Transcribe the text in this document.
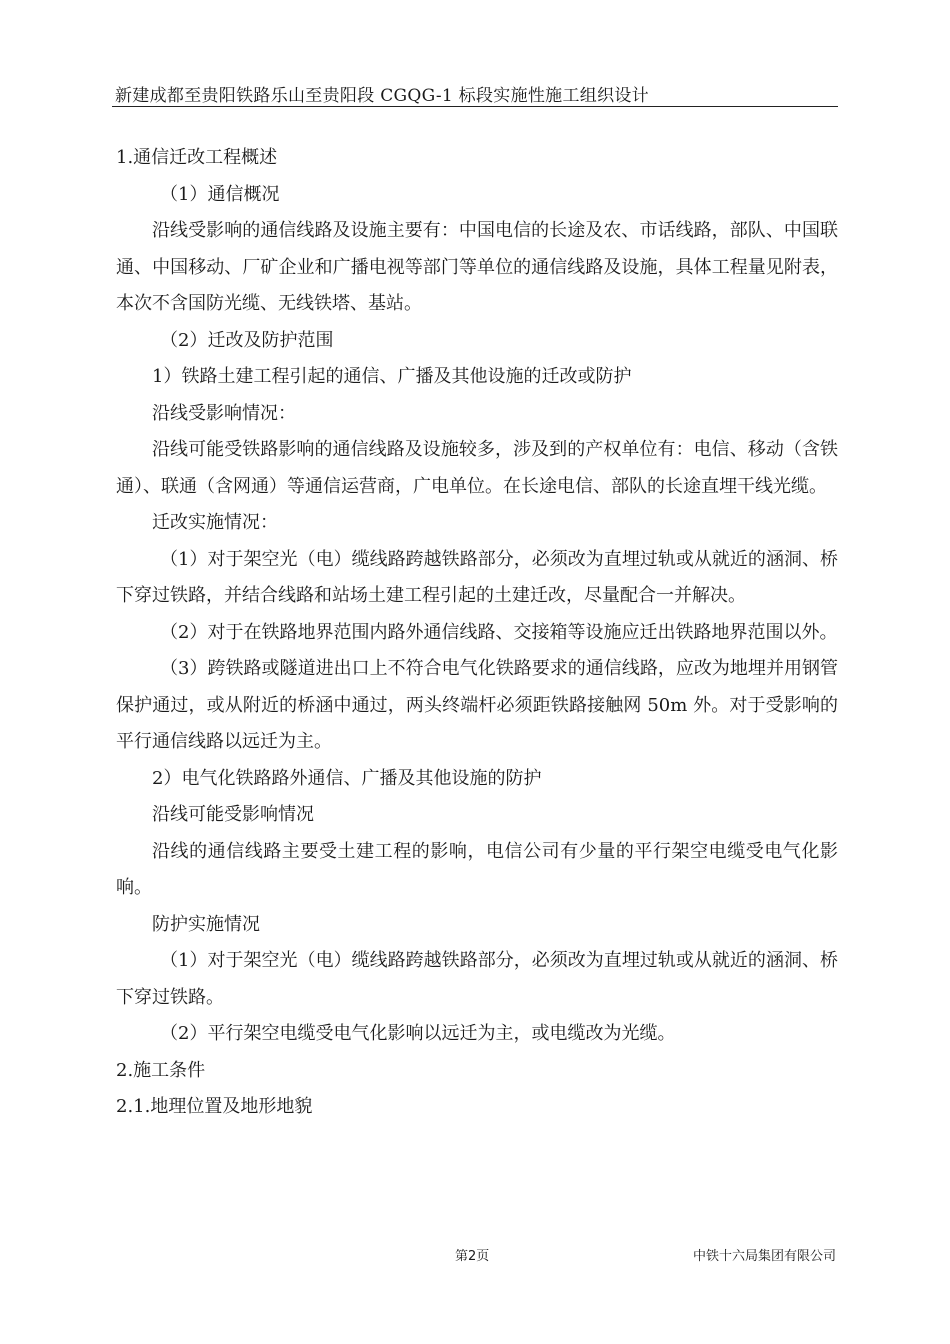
新建成都至贵阳铁路乐山至贵阳段 CGQG-1 标段实施性施工组织设计

1.通信迁改工程概述

（1）通信概况

沿线受影响的通信线路及设施主要有：中国电信的长途及农、市话线路，部队、中国联通、中国移动、厂矿企业和广播电视等部门等单位的通信线路及设施，具体工程量见附表，本次不含国防光缆、无线铁塔、基站。

（2）迁改及防护范围

1）铁路土建工程引起的通信、广播及其他设施的迁改或防护

沿线受影响情况：

沿线可能受铁路影响的通信线路及设施较多，涉及到的产权单位有：电信、移动（含铁通）、联通（含网通）等通信运营商，广电单位。在长途电信、部队的长途直埋干线光缆。

迁改实施情况：

（1）对于架空光（电）缆线路跨越铁路部分，必须改为直埋过轨或从就近的涵洞、桥下穿过铁路，并结合线路和站场土建工程引起的土建迁改，尽量配合一并解决。

（2）对于在铁路地界范围内路外通信线路、交接箱等设施应迁出铁路地界范围以外。

（3）跨铁路或隧道进出口上不符合电气化铁路要求的通信线路，应改为地埋并用钢管保护通过，或从附近的桥涵中通过，两头终端杆必须距铁路接触网 50m 外。对于受影响的平行通信线路以远迁为主。

2）电气化铁路路外通信、广播及其他设施的防护

沿线可能受影响情况

沿线的通信线路主要受土建工程的影响，电信公司有少量的平行架空电缆受电气化影响。

防护实施情况

（1）对于架空光（电）缆线路跨越铁路部分，必须改为直埋过轨或从就近的涵洞、桥下穿过铁路。

（2）平行架空电缆受电气化影响以远迁为主，或电缆改为光缆。

2.施工条件

2.1.地理位置及地形地貌

第2页	中铁十六局集团有限公司
